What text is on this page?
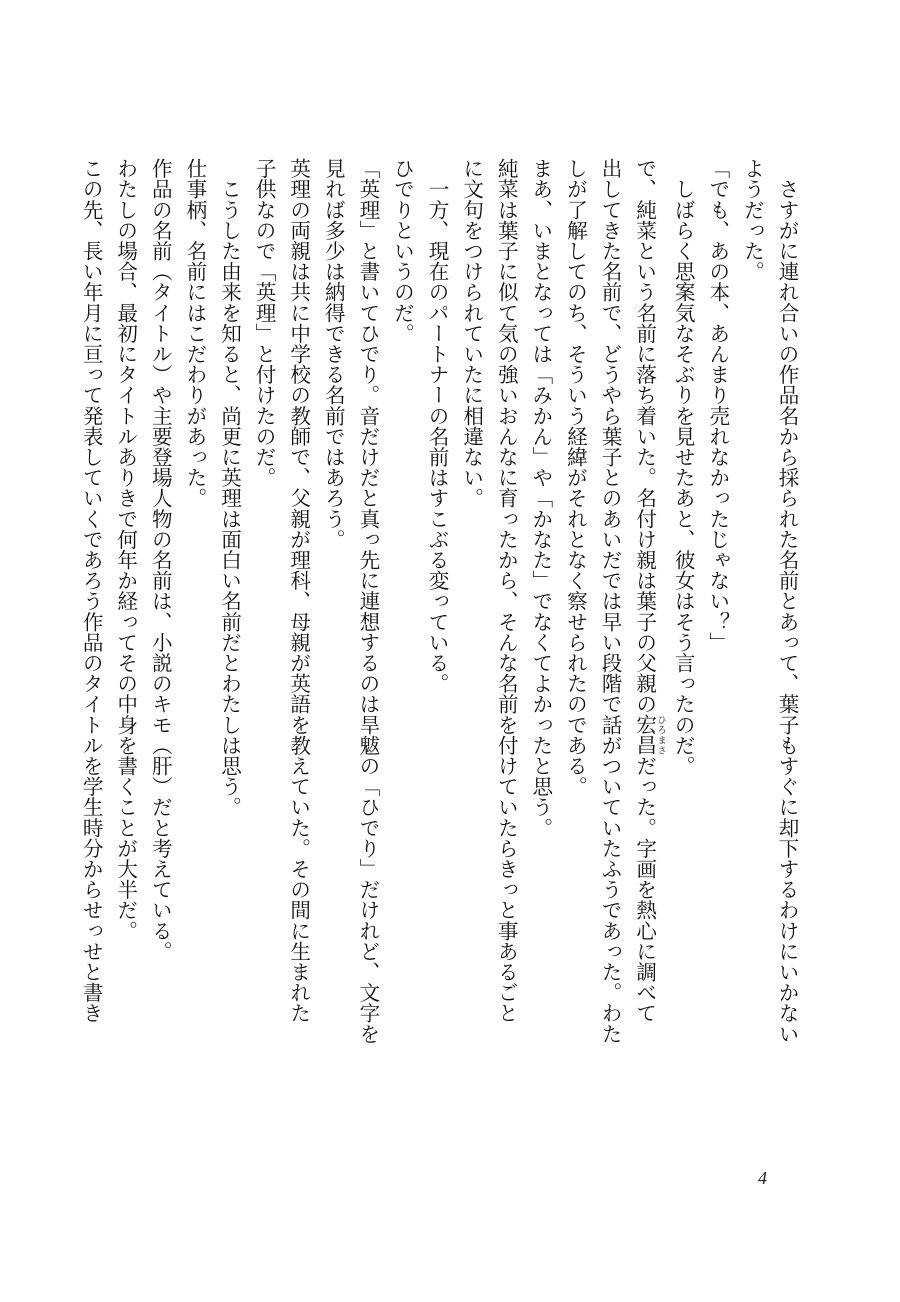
　さすがに連れ合いの作品名から採られた名前とあって、葉子もすぐに却下するわけにいかない
ようだった。
「でも、あの本、あんまり売れなかったじゃない？」
　しばらく思案気なそぶりを見せたあと、彼女はそう言ったのだ。
で、純菜という名前に落ち着いた。名付け親は葉子の父親の宏昌 ひろまさだった。字画を熱心に調べて
出してきた名前で、どうやら葉子とのあいだでは早い段階で話がついていたふうであった。わた
しが了解してのち、そういう経緯がそれとなく察せられたのである。
まあ、いまとなっては「みかん」や「かなた」でなくてよかったと思う。
純菜は葉子に似て気の強いおんなに育ったから、そんな名前を付けていたらきっと事あるごと
に文句をつけられていたに相違ない。
　一方、現在のパートナーの名前はすこぶる変っている。
ひでりというのだ。
「英理」と書いてひでり。音だけだと真っ先に連想するのは旱魃の「ひでり」だけれど、文字を
見れば多少は納得できる名前ではあろう。
英理の両親は共に中学校の教師で、父親が理科、母親が英語を教えていた。その間に生まれた
子供なので「英理」と付けたのだ。
　こうした由来を知ると、尚更に英理は面白い名前だとわたしは思う。
仕事柄、名前にはこだわりがあった。
作品の名前（タイトル）や主要登場人物の名前は、小説のキモ（肝）だと考えている。
わたしの場合、最初にタイトルありきで何年か経ってその中身を書くことが大半だ。
この先、長い年月に亘って発表していくであろう作品のタイトルを学生時分からせっせと書き
4
